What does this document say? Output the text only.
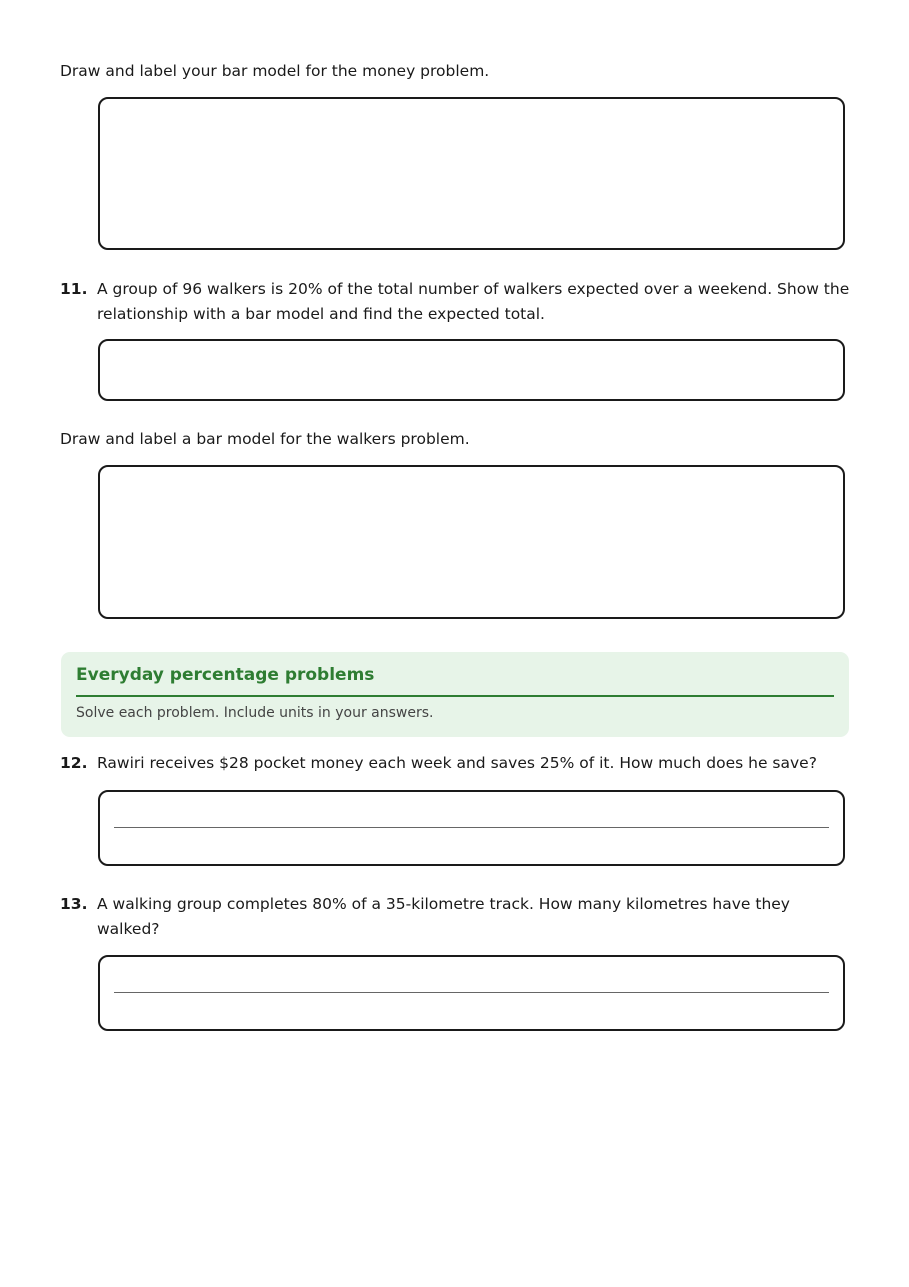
Draw and label your bar model for the money problem.

11. A group of 96 walkers is 20% of the total number of walkers expected over a weekend. Show the relationship with a bar model and find the expected total.

Draw and label a bar model for the walkers problem.

Everyday percentage problems
Solve each problem. Include units in your answers.
12. Rawiri receives $28 pocket money each week and saves 25% of it. How much does he save?
13. A walking group completes 80% of a 35-kilometre track. How many kilometres have they walked?
